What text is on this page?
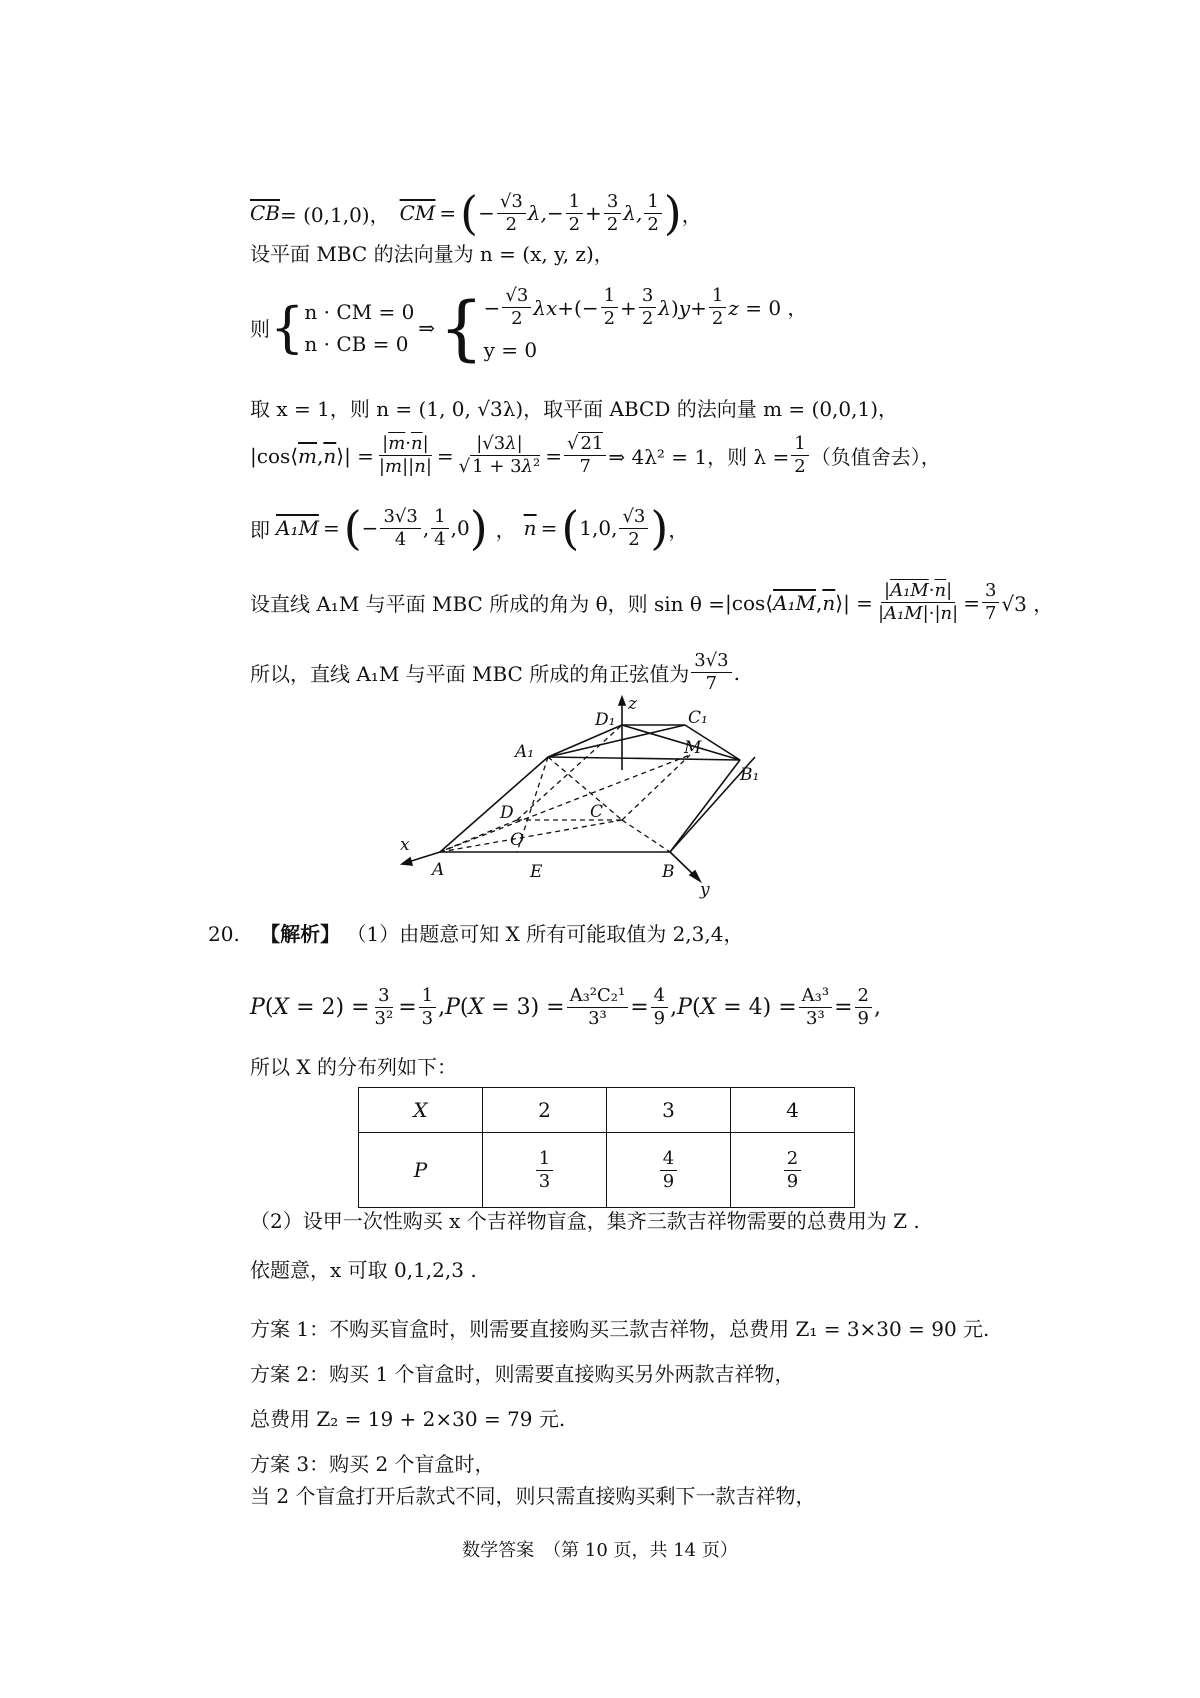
$\overline{CB} = (0,1,0)$， $\overline{CM}$ = ( − $\frac{√3}{2} \lambda,- \frac{1}{2} + \frac{3}{2} \lambda$, $\frac{1}{2}$ ) ，
设平面 MBC 的法向量为 n = (x, y, z)，
则 { n · CM = 0
n · CB = 0
⇒ { − $\frac{√3}{2}$ λx +(− $\frac{1}{2} + \frac{3}{2}$ λ ) $y + \frac{1}{2}$ z = 0 ，
y = 0
取 x = 1，则 n = (1, 0, √3λ)，取平面 ABCD 的法向量 m = (0,0,1)，
$|\cos⟨\overline{m},\overline{n}⟩| = \frac{|\overline{m}\cdot\overline{n}|}{|\overline{m}||\overline{n}|} = \frac{|√3\lambda|}{\text{√ 1 + 3λ²}} = \frac{√ 21}{7}$ ⇒ 4λ² = 1，则 $\lambda = \frac{1}{2}$ （负值舍去），
即 A₁M = ( − $\frac{3√3}{4}$ , $\frac{1}{4} ,0$ ) ， $\overline{n}$ = ( 1,0, $\frac{√3}{2}$ ) ，
设直线 A₁M 与平面 MBC 所成的角为 θ，则 $\sin \theta = |\cos⟨A_1M,\overline{n}⟩| = \frac{|A_1M\cdot\overline{n}|}{|A_1M|\cdot|\overline{n}|} = \frac{3}{7} √3$ ，
所以，直线 A₁M 与平面 MBC 所成的角正弦值为 $\frac{3√3}{7}$ .
z
D₁	C₁
A₁	M
B₁
D	C
O
x
A	E	B
y
20. 【解析】 （1）由题意可知 X 所有可能取值为 2,3,4，
P ( $X = 2) = \frac{3}{\text{3²}} = \frac{1}{3}$ , P ( $X = 3) = \frac{\text{A₃²C₂¹}}{\text{3³}} = \frac{4}{9}$ , P ( $X = 4) = \frac{\text{A₃³}}{\text{3³}} = \frac{2}{9}$ ,
所以 X 的分布列如下：
X	2	3	4
P	$\frac{1}{3}$	$\frac{4}{9}$	$\frac{2}{9}$
（2）设甲一次性购买 x 个吉祥物盲盒，集齐三款吉祥物需要的总费用为 Z .
依题意，x 可取 0,1,2,3 .
方案 1：不购买盲盒时，则需要直接购买三款吉祥物，总费用 Z₁ = 3×30 = 90 元.
方案 2：购买 1 个盲盒时，则需要直接购买另外两款吉祥物，
总费用 Z₂ = 19 + 2×30 = 79 元.
方案 3：购买 2 个盲盒时，
当 2 个盲盒打开后款式不同，则只需直接购买剩下一款吉祥物，
数学答案　（第 10 页，共 14 页）
